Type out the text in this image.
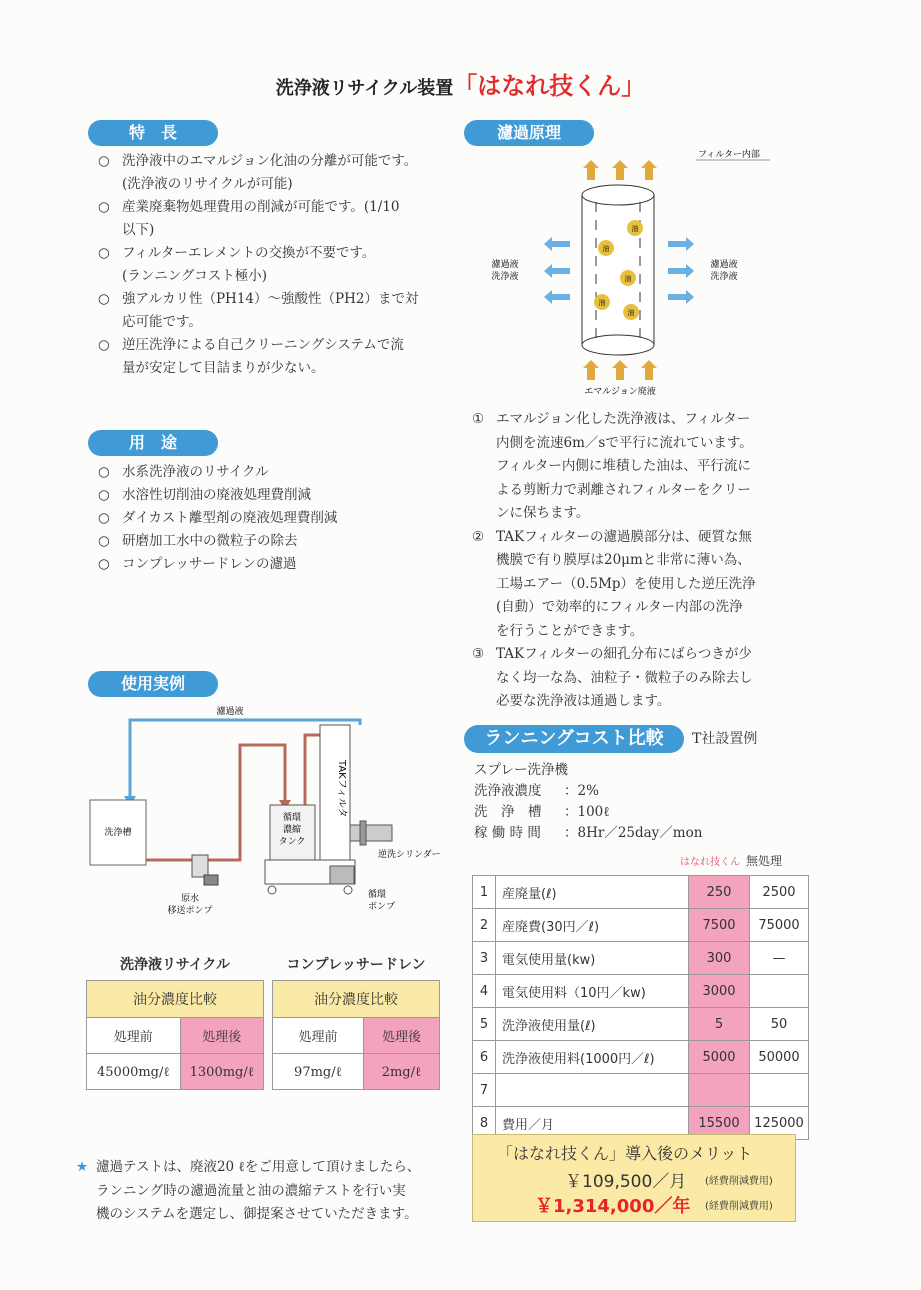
洗浄液リサイクル装置「はなれ技くん」
特　長
○ 洗浄液中のエマルジョン化油の分離が可能です。
(洗浄液のリサイクルが可能)
○ 産業廃棄物処理費用の削減が可能です。(1/10
以下)
○ フィルターエレメントの交換が不要です。
(ランニングコスト極小)
○ 強アルカリ性（PH14）～強酸性（PH2）まで対
応可能です。
○ 逆圧洗浄による自己クリーニングシステムで流
量が安定して目詰まりが少ない。
用　途
○ 水系洗浄液のリサイクル
○ 水溶性切削油の廃液処理費削減
○ ダイカスト離型剤の廃液処理費削減
○ 研磨加工水中の微粒子の除去
○ コンプレッサードレンの濾過
使用実例
濾過液
洗浄槽
原水
移送ポンプ
循環
濃縮
タンク
TAKフィルタ
逆洗シリンダー
循環
ポンプ
洗浄液リサイクル
油分濃度比較	
処理前	処理後
45000mg/ℓ	1300mg/ℓ
コンプレッサードレン
油分濃度比較	
処理前	処理後
97mg/ℓ	2mg/ℓ
★ 濾過テストは、廃液20 ℓをご用意して頂けましたら、
ランニング時の濾過流量と油の濃縮テストを行い実
機のシステムを選定し、御提案させていただきます。
濾過原理
フィルター内部
油
油
油
油
油
濾過液
洗浄液
濾過液
洗浄液
エマルジョン廃液
① エマルジョン化した洗浄液は、フィルター
内側を流速6m／sで平行に流れています。
フィルター内側に堆積した油は、平行流に
よる剪断力で剥離されフィルターをクリー
ンに保ちます。
② TAKフィルターの濾過膜部分は、硬質な無
機膜で有り膜厚は20μmと非常に薄い為、
工場エアー（0.5Mp）を使用した逆圧洗浄
(自動）で効率的にフィルター内部の洗浄
を行うことができます。
③ TAKフィルターの細孔分布にばらつきが少
なく均一な為、油粒子・微粒子のみ除去し
必要な洗浄液は通過します。
ランニングコスト比較	T社設置例
スプレー洗浄機
洗浄液濃度 ：2%
洗　浄　槽 ：100ℓ
稼 働 時 間 ：8Hr／25day／mon
はなれ技くん 無処理
1	産廃量(ℓ)	250	2500
2	産廃費(30円／ℓ)	7500	75000
3	電気使用量(kw)	300	—
4	電気使用料（10円／kw)	3000	
5	洗浄液使用量(ℓ)	5	50
6	洗浄液使用料(1000円／ℓ)	5000	50000
7			
8	費用／月	15500	125000
「はなれ技くん」導入後のメリット
￥109,500／月 (経費削減費用)
￥1,314,000／年 (経費削減費用)
